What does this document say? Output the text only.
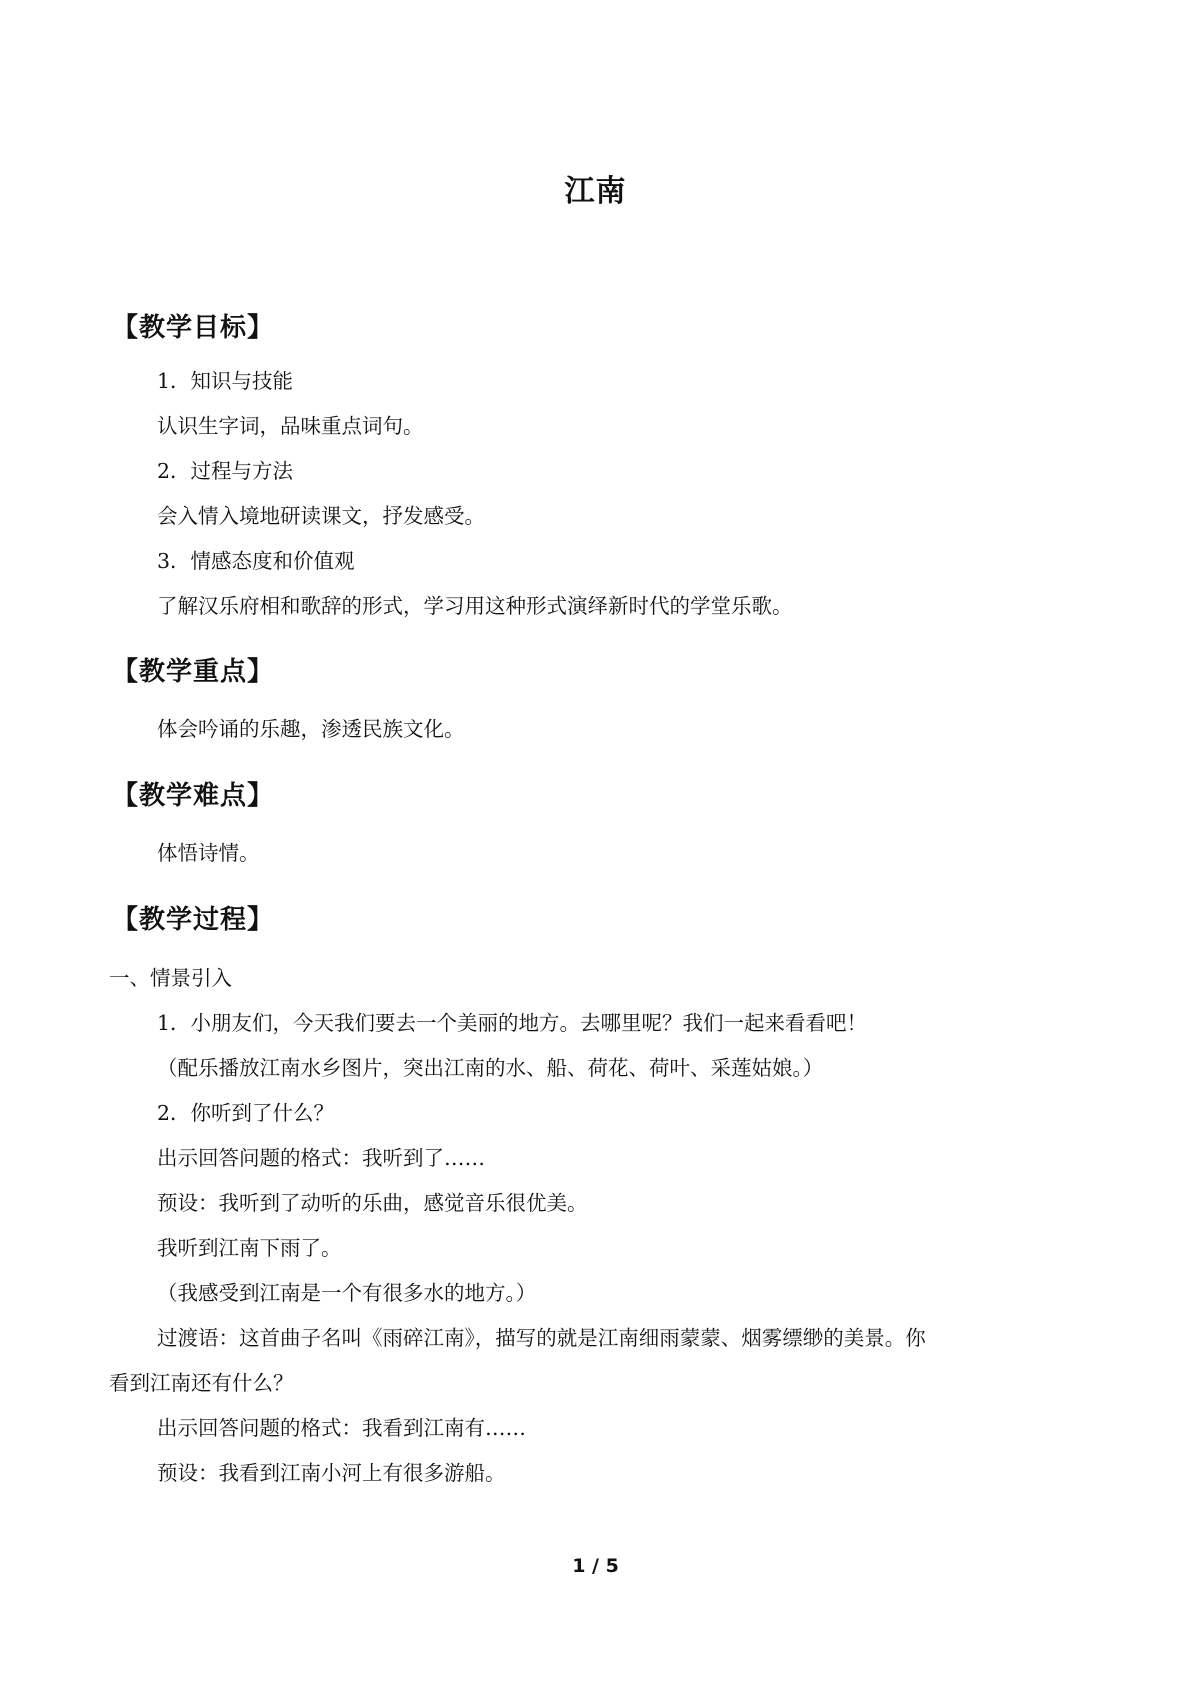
江南
【教学目标】
1．知识与技能
认识生字词，品味重点词句。
2．过程与方法
会入情入境地研读课文，抒发感受。
3．情感态度和价值观
了解汉乐府相和歌辞的形式，学习用这种形式演绎新时代的学堂乐歌。
【教学重点】
体会吟诵的乐趣，渗透民族文化。
【教学难点】
体悟诗情。
【教学过程】
一、情景引入
1．小朋友们，今天我们要去一个美丽的地方。去哪里呢？我们一起来看看吧！
（配乐播放江南水乡图片，突出江南的水、船、荷花、荷叶、采莲姑娘。）
2．你听到了什么？
出示回答问题的格式：我听到了……
预设：我听到了动听的乐曲，感觉音乐很优美。
我听到江南下雨了。
（我感受到江南是一个有很多水的地方。）
过渡语：这首曲子名叫《雨碎江南》，描写的就是江南细雨蒙蒙、烟雾缥缈的美景。你
看到江南还有什么？
出示回答问题的格式：我看到江南有……
预设：我看到江南小河上有很多游船。
1 / 5
